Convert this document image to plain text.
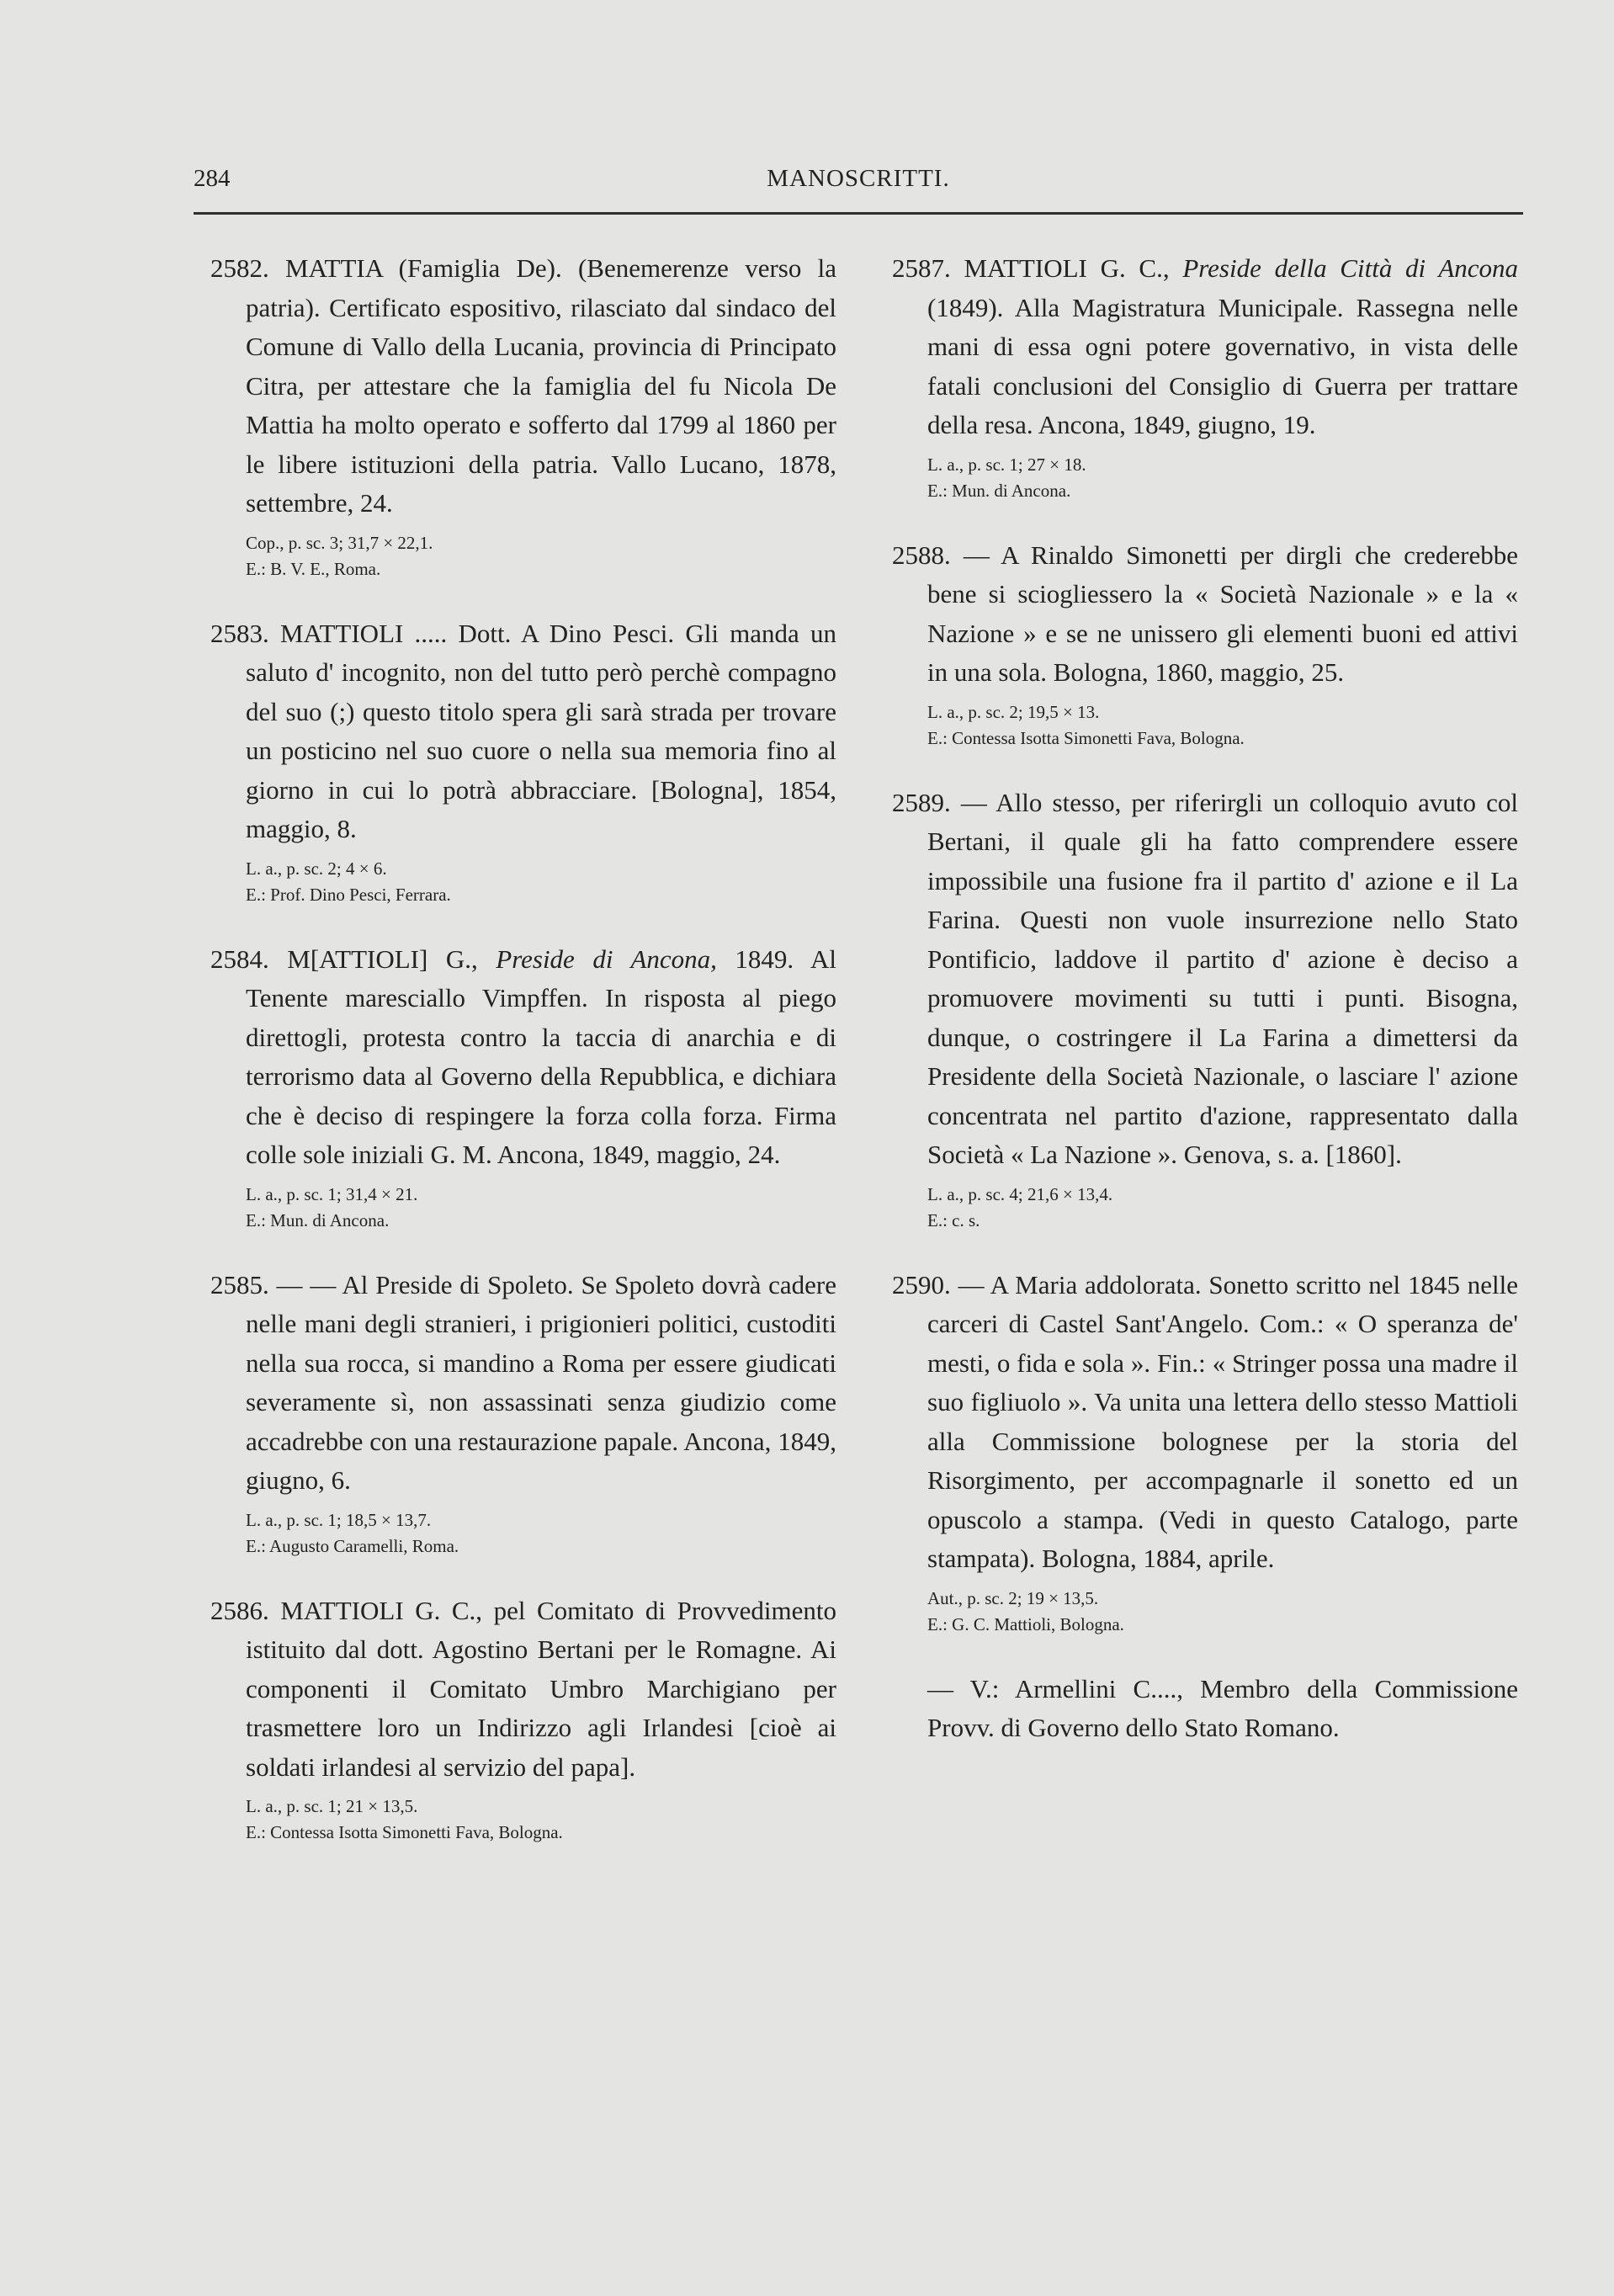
284	MANOSCRITTI.
2582. MATTIA (Famiglia De). (Benemerenze verso la patria). Certificato espositivo, rilasciato dal sindaco del Comune di Vallo della Lucania, provincia di Principato Citra, per attestare che la famiglia del fu Nicola De Mattia ha molto operato e sofferto dal 1799 al 1860 per le libere istituzioni della patria. Vallo Lucano, 1878, settembre, 24.
Cop., p. sc. 3; 31,7 × 22,1.
E.: B. V. E., Roma.
2583. MATTIOLI ..... Dott. A Dino Pesci. Gli manda un saluto d' incognito, non del tutto però perchè compagno del suo (;) questo titolo spera gli sarà strada per trovare un posticino nel suo cuore o nella sua memoria fino al giorno in cui lo potrà abbracciare. [Bologna], 1854, maggio, 8.
L. a., p. sc. 2; 4 × 6.
E.: Prof. Dino Pesci, Ferrara.
2584. M[ATTIOLI] G., Preside di Ancona, 1849. Al Tenente maresciallo Vimpffen. In risposta al piego direttogli, protesta contro la taccia di anarchia e di terrorismo data al Governo della Repubblica, e dichiara che è deciso di respingere la forza colla forza. Firma colle sole iniziali G. M. Ancona, 1849, maggio, 24.
L. a., p. sc. 1; 31,4 × 21.
E.: Mun. di Ancona.
2585. — — Al Preside di Spoleto. Se Spoleto dovrà cadere nelle mani degli stranieri, i prigionieri politici, custoditi nella sua rocca, si mandino a Roma per essere giudicati severamente sì, non assassinati senza giudizio come accadrebbe con una restaurazione papale. Ancona, 1849, giugno, 6.
L. a., p. sc. 1; 18,5 × 13,7.
E.: Augusto Caramelli, Roma.
2586. MATTIOLI G. C., pel Comitato di Provvedimento istituito dal dott. Agostino Bertani per le Romagne. Ai componenti il Comitato Umbro Marchigiano per trasmettere loro un Indirizzo agli Irlandesi [cioè ai soldati irlandesi al servizio del papa].
L. a., p. sc. 1; 21 × 13,5.
E.: Contessa Isotta Simonetti Fava, Bologna.
2587. MATTIOLI G. C., Preside della Città di Ancona (1849). Alla Magistratura Municipale. Rassegna nelle mani di essa ogni potere governativo, in vista delle fatali conclusioni del Consiglio di Guerra per trattare della resa. Ancona, 1849, giugno, 19.
L. a., p. sc. 1; 27 × 18.
E.: Mun. di Ancona.
2588. — A Rinaldo Simonetti per dirgli che crederebbe bene si sciogliessero la « Società Nazionale » e la « Nazione » e se ne unissero gli elementi buoni ed attivi in una sola. Bologna, 1860, maggio, 25.
L. a., p. sc. 2; 19,5 × 13.
E.: Contessa Isotta Simonetti Fava, Bologna.
2589. — Allo stesso, per riferirgli un colloquio avuto col Bertani, il quale gli ha fatto comprendere essere impossibile una fusione fra il partito d' azione e il La Farina. Questi non vuole insurrezione nello Stato Pontificio, laddove il partito d' azione è deciso a promuovere movimenti su tutti i punti. Bisogna, dunque, o costringere il La Farina a dimettersi da Presidente della Società Nazionale, o lasciare l' azione concentrata nel partito d'azione, rappresentato dalla Società « La Nazione ». Genova, s. a. [1860].
L. a., p. sc. 4; 21,6 × 13,4.
E.: c. s.
2590. — A Maria addolorata. Sonetto scritto nel 1845 nelle carceri di Castel Sant'Angelo. Com.: « O speranza de' mesti, o fida e sola ». Fin.: « Stringer possa una madre il suo figliuolo ». Va unita una lettera dello stesso Mattioli alla Commissione bolognese per la storia del Risorgimento, per accompagnarle il sonetto ed un opuscolo a stampa. (Vedi in questo Catalogo, parte stampata). Bologna, 1884, aprile.
Aut., p. sc. 2; 19 × 13,5.
E.: G. C. Mattioli, Bologna.
— V.: Armellini C...., Membro della Commissione Provv. di Governo dello Stato Romano.
